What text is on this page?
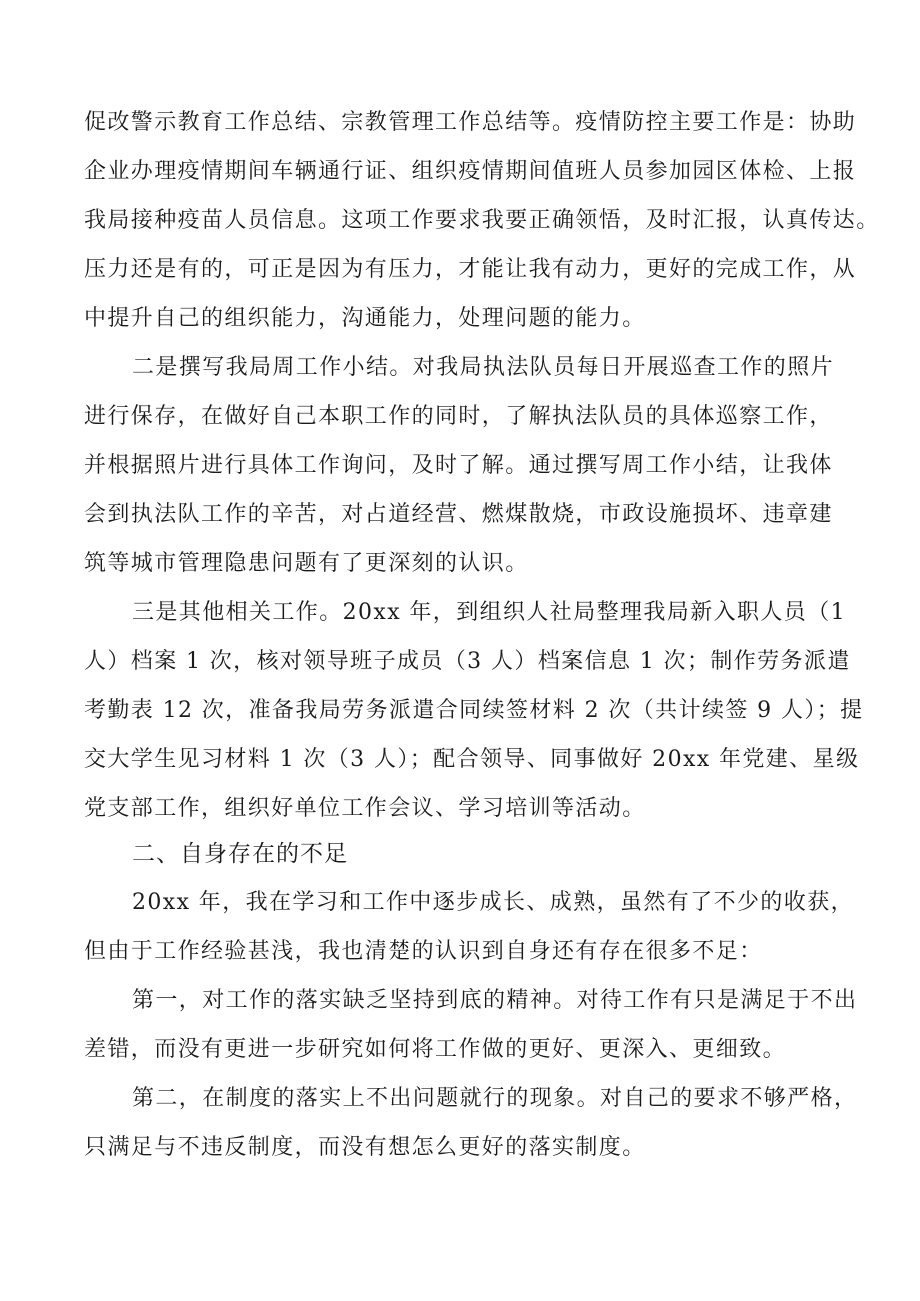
促改警示教育工作总结、宗教管理工作总结等。疫情防控主要工作是：协助
企业办理疫情期间车辆通行证、组织疫情期间值班人员参加园区体检、上报
我局接种疫苗人员信息。这项工作要求我要正确领悟，及时汇报，认真传达。
压力还是有的，可正是因为有压力，才能让我有动力，更好的完成工作，从
中提升自己的组织能力，沟通能力，处理问题的能力。
二是撰写我局周工作小结。对我局执法队员每日开展巡查工作的照片
进行保存，在做好自己本职工作的同时，了解执法队员的具体巡察工作，
并根据照片进行具体工作询问，及时了解。通过撰写周工作小结，让我体
会到执法队工作的辛苦，对占道经营、燃煤散烧，市政设施损坏、违章建
筑等城市管理隐患问题有了更深刻的认识。
三是其他相关工作。20xx 年，到组织人社局整理我局新入职人员（1
人）档案 1 次，核对领导班子成员（3 人）档案信息 1 次；制作劳务派遣
考勤表 12 次，准备我局劳务派遣合同续签材料 2 次（共计续签 9 人）；提
交大学生见习材料 1 次（3 人）；配合领导、同事做好 20xx 年党建、星级
党支部工作，组织好单位工作会议、学习培训等活动。
二、自身存在的不足
20xx 年，我在学习和工作中逐步成长、成熟，虽然有了不少的收获，
但由于工作经验甚浅，我也清楚的认识到自身还有存在很多不足：
第一，对工作的落实缺乏坚持到底的精神。对待工作有只是满足于不出
差错，而没有更进一步研究如何将工作做的更好、更深入、更细致。
第二，在制度的落实上不出问题就行的现象。对自己的要求不够严格，
只满足与不违反制度，而没有想怎么更好的落实制度。
